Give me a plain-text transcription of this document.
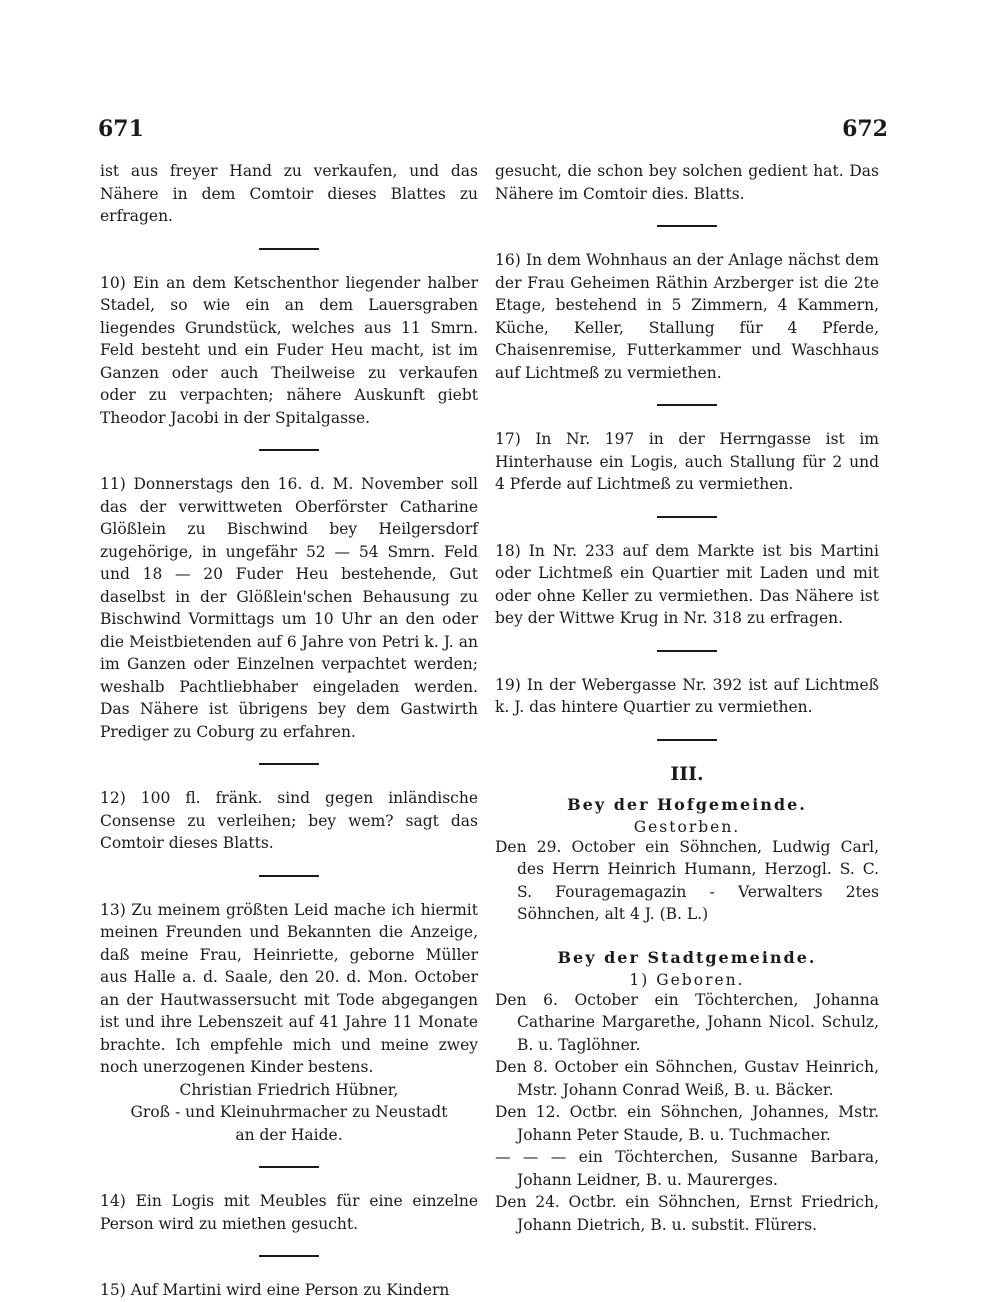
671	672

ist aus freyer Hand zu verkaufen, und das Nähere in dem Comtoir dieses Blattes zu erfragen.

10) Ein an dem Ketschenthor liegender halber Stadel, so wie ein an dem Lauersgraben liegendes Grundstück, welches aus 11 Smrn. Feld besteht und ein Fuder Heu macht, ist im Ganzen oder auch Theilweise zu verkaufen oder zu verpachten; nähere Auskunft giebt Theodor Jacobi in der Spitalgasse.

11) Donnerstags den 16. d. M. November soll das der verwittweten Oberförster Catharine Glößlein zu Bischwind bey Heilgersdorf zugehörige, in ungefähr 52 — 54 Smrn. Feld und 18 — 20 Fuder Heu bestehende, Gut daselbst in der Glößlein'schen Behausung zu Bischwind Vormittags um 10 Uhr an den oder die Meistbietenden auf 6 Jahre von Petri k. J. an im Ganzen oder Einzelnen verpachtet werden; weshalb Pachtliebhaber eingeladen werden. Das Nähere ist übrigens bey dem Gastwirth Prediger zu Coburg zu erfahren.

12) 100 fl. fränk. sind gegen inländische Consense zu verleihen; bey wem? sagt das Comtoir dieses Blatts.

13) Zu meinem größten Leid mache ich hiermit meinen Freunden und Bekannten die Anzeige, daß meine Frau, Heinriette, geborne Müller aus Halle a. d. Saale, den 20. d. Mon. October an der Hautwassersucht mit Tode abgegangen ist und ihre Lebenszeit auf 41 Jahre 11 Monate brachte. Ich empfehle mich und meine zwey noch unerzogenen Kinder bestens.

Christian Friedrich Hübner,

Groß - und Kleinuhrmacher zu Neustadt

an der Haide.

14) Ein Logis mit Meubles für eine einzelne Person wird zu miethen gesucht.

15) Auf Martini wird eine Person zu Kindern

gesucht, die schon bey solchen gedient hat. Das Nähere im Comtoir dies. Blatts.

16) In dem Wohnhaus an der Anlage nächst dem der Frau Geheimen Räthin Arzberger ist die 2te Etage, bestehend in 5 Zimmern, 4 Kammern, Küche, Keller, Stallung für 4 Pferde, Chaisenremise, Futterkammer und Waschhaus auf Lichtmeß zu vermiethen.

17) In Nr. 197 in der Herrngasse ist im Hinterhause ein Logis, auch Stallung für 2 und 4 Pferde auf Lichtmeß zu vermiethen.

18) In Nr. 233 auf dem Markte ist bis Martini oder Lichtmeß ein Quartier mit Laden und mit oder ohne Keller zu vermiethen. Das Nähere ist bey der Wittwe Krug in Nr. 318 zu erfragen.

19) In der Webergasse Nr. 392 ist auf Lichtmeß k. J. das hintere Quartier zu vermiethen.

III.
Bey der Hofgemeinde.
Gestorben.

Den 29. October ein Söhnchen, Ludwig Carl, des Herrn Heinrich Humann, Herzogl. S. C. S. Fouragemagazin - Verwalters 2tes Söhnchen, alt 4 J. (B. L.)

Bey der Stadtgemeinde.
1) Geboren.

Den 6. October ein Töchterchen, Johanna Catharine Margarethe, Johann Nicol. Schulz, B. u. Taglöhner.

Den 8. October ein Söhnchen, Gustav Heinrich, Mstr. Johann Conrad Weiß, B. u. Bäcker.

Den 12. Octbr. ein Söhnchen, Johannes, Mstr. Johann Peter Staude, B. u. Tuchmacher.

— — — ein Töchterchen, Susanne Barbara, Johann Leidner, B. u. Maurerges.

Den 24. Octbr. ein Söhnchen, Ernst Friedrich, Johann Dietrich, B. u. substit. Flürers.
